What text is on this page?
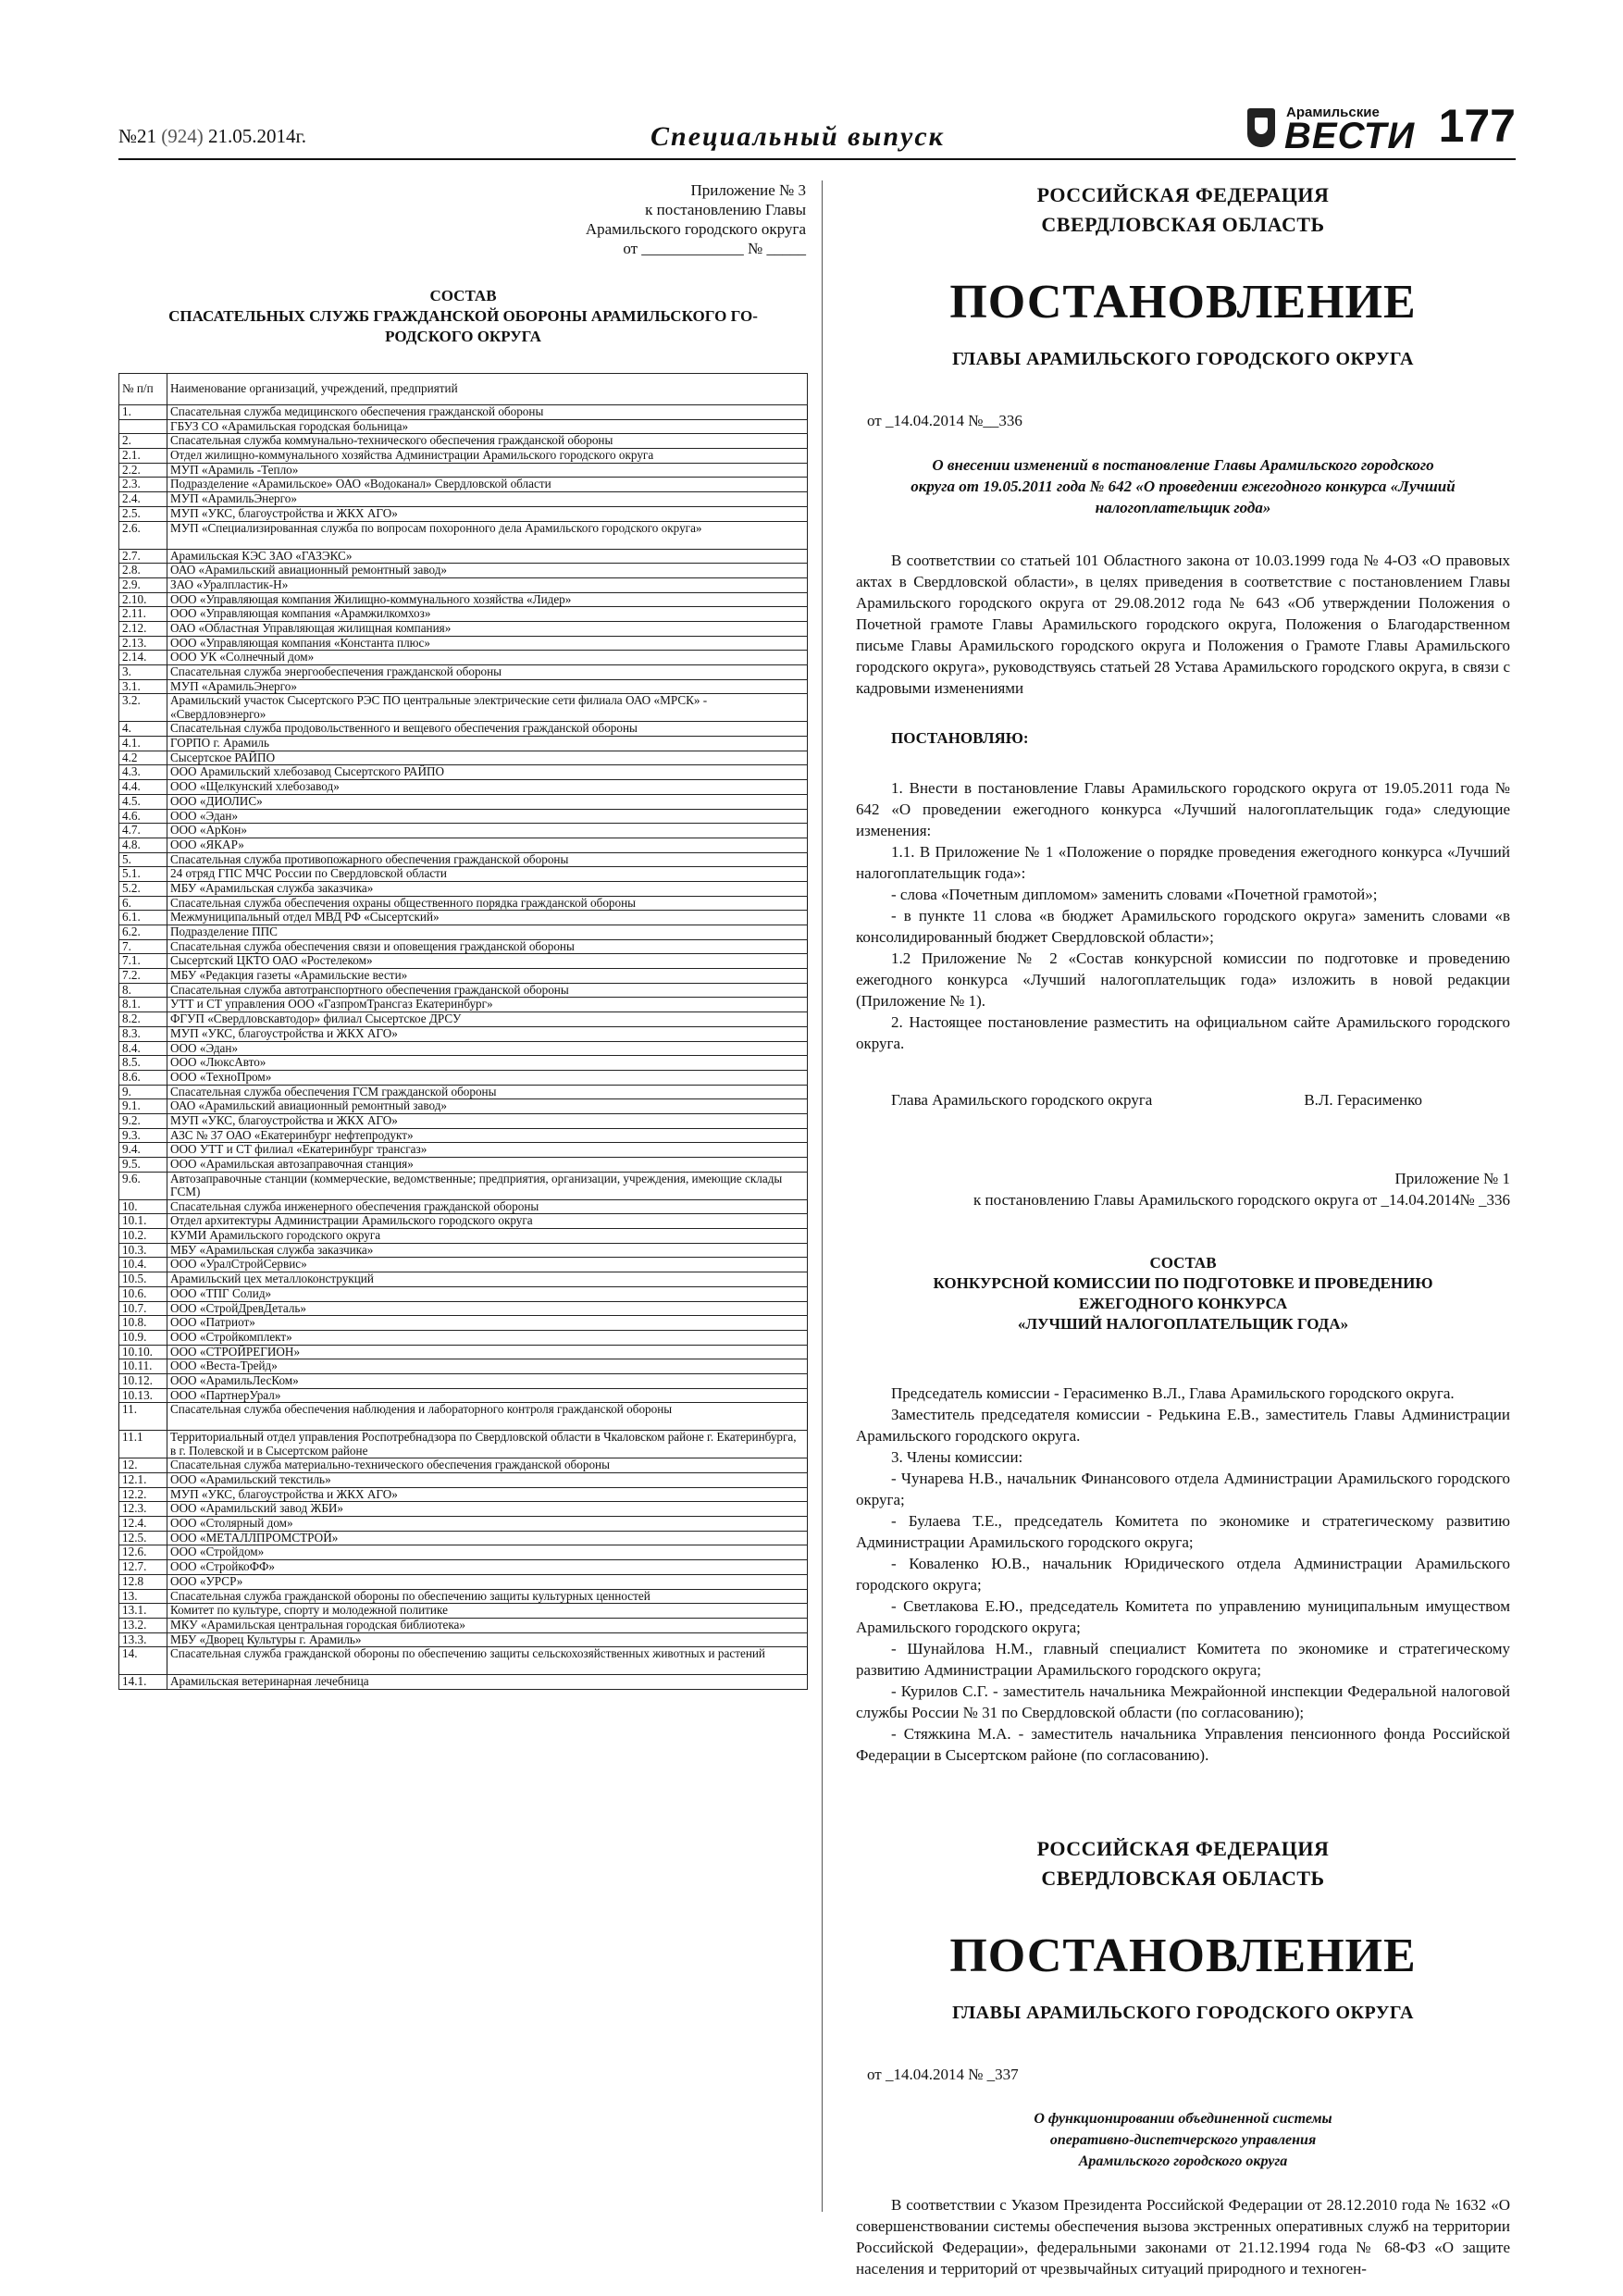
№21 (924) 21.05.2014г.	Специальный выпуск
Арамильские
ВЕСТИ 177
Приложение № 3
к постановлению Главы
Арамильского городского округа
от _____________ № _____
СОСТАВ
СПАСАТЕЛЬНЫХ СЛУЖБ ГРАЖДАНСКОЙ ОБОРОНЫ АРАМИЛЬСКОГО ГО-
РОДСКОГО ОКРУГА
№ п/п	Наименование организаций, учреждений, предприятий
1.	Спасательная служба медицинского обеспечения гражданской обороны
	ГБУЗ СО «Арамильская городская больница»
2.	Спасательная служба коммунально-технического обеспечения гражданской обороны
2.1.	Отдел жилищно-коммунального хозяйства Администрации Арамильского городского округа
2.2.	МУП «Арамиль -Тепло»
2.3.	Подразделение «Арамильское» ОАО «Водоканал» Свердловской области
2.4.	МУП «АрамильЭнерго»
2.5.	МУП «УКС, благоустройства и ЖКХ АГО»
2.6.	МУП «Специализированная служба по вопросам похоронного дела Арамильского городского округа»
2.7.	Арамильская КЭС ЗАО «ГАЗЭКС»
2.8.	ОАО «Арамильский авиационный ремонтный завод»
2.9.	ЗАО «Уралпластик-Н»
2.10.	ООО «Управляющая компания Жилищно-коммунального хозяйства «Лидер»
2.11.	ООО «Управляющая компания «Арамжилкомхоз»
2.12.	ОАО «Областная Управляющая жилищная компания»
2.13.	ООО «Управляющая компания «Константа плюс»
2.14.	ООО УК «Солнечный дом»
3.	Спасательная служба энергообеспечения гражданской обороны
3.1.	МУП «АрамильЭнерго»
3.2.	Арамильский участок Сысертского РЭС ПО центральные электрические сети филиала ОАО «МРСК» - «Свердловэнерго»
4.	Спасательная служба продовольственного и вещевого обеспечения гражданской обороны
4.1.	ГОРПО г. Арамиль
4.2	Сысертское РАЙПО
4.3.	ООО Арамильский хлебозавод Сысертского РАЙПО
4.4.	ООО «Щелкунский хлебозавод»
4.5.	ООО «ДИОЛИС»
4.6.	ООО «Эдан»
4.7.	ООО «АрКон»
4.8.	ООО «ЯКАР»
5.	Спасательная служба противопожарного обеспечения гражданской обороны
5.1.	24 отряд ГПС МЧС России по Свердловской области
5.2.	МБУ «Арамильская служба заказчика»
6.	Спасательная служба обеспечения охраны общественного порядка гражданской обороны
6.1.	Межмуниципальный отдел МВД РФ «Сысертский»
6.2.	Подразделение ППС
7.	Спасательная служба обеспечения связи и оповещения гражданской обороны
7.1.	Сысертский ЦКТО ОАО «Ростелеком»
7.2.	МБУ «Редакция газеты «Арамильские вести»
8.	Спасательная служба автотранспортного обеспечения гражданской обороны
8.1.	УТТ и СТ управления ООО «ГазпромТрансгаз Екатеринбург»
8.2.	ФГУП «Свердловскавтодор» филиал Сысертское ДРСУ
8.3.	МУП «УКС, благоустройства и ЖКХ АГО»
8.4.	ООО «Эдан»
8.5.	ООО «ЛюксАвто»
8.6.	ООО «ТехноПром»
9.	Спасательная служба обеспечения ГСМ гражданской обороны
9.1.	ОАО «Арамильский авиационный ремонтный завод»
9.2.	МУП «УКС, благоустройства и ЖКХ АГО»
9.3.	АЗС № 37 ОАО «Екатеринбург нефтепродукт»
9.4.	ООО УТТ и СТ филиал «Екатеринбург трансгаз»
9.5.	ООО «Арамильская автозаправочная станция»
9.6.	Автозаправочные станции (коммерческие, ведомственные; предприятия, организации, учреждения, имеющие склады ГСМ)
10.	Спасательная служба инженерного обеспечения гражданской обороны
10.1.	Отдел архитектуры Администрации Арамильского городского округа
10.2.	КУМИ Арамильского городского округа
10.3.	МБУ «Арамильская служба заказчика»
10.4.	ООО «УралСтройСервис»
10.5.	Арамильский цех металлоконструкций
10.6.	ООО «ТПГ Солид»
10.7.	ООО «СтройДревДеталь»
10.8.	ООО «Патриот»
10.9.	ООО «Стройкомплект»
10.10.	ООО «СТРОЙРЕГИОН»
10.11.	ООО «Веста-Трейд»
10.12.	ООО «АрамильЛесКом»
10.13.	ООО «ПартнерУрал»
11.	Спасательная служба обеспечения наблюдения и лабораторного контроля гражданской обороны
11.1	Территориальный отдел управления Роспотребнадзора по Свердловской области в Чкаловском районе г. Екатеринбурга, в г. Полевской и в Сысертском районе
12.	Спасательная служба материально-технического обеспечения гражданской обороны
12.1.	ООО «Арамильский текстиль»
12.2.	МУП «УКС, благоустройства и ЖКХ АГО»
12.3.	ООО «Арамильский завод ЖБИ»
12.4.	ООО «Столярный дом»
12.5.	ООО «МЕТАЛЛПРОМСТРОЙ»
12.6.	ООО «Стройдом»
12.7.	ООО «СтройкоФФ»
12.8	ООО «УРСР»
13.	Спасательная служба гражданской обороны по обеспечению защиты культурных ценностей
13.1.	Комитет по культуре, спорту и молодежной политике
13.2.	МКУ «Арамильская центральная городская библиотека»
13.3.	МБУ «Дворец Культуры г. Арамиль»
14.	Спасательная служба гражданской обороны по обеспечению защиты сельскохозяйственных животных и растений
14.1.	Арамильская ветеринарная лечебница
РОССИЙСКАЯ ФЕДЕРАЦИЯ
СВЕРДЛОВСКАЯ ОБЛАСТЬ
ПОСТАНОВЛЕНИЕ
ГЛАВЫ АРАМИЛЬСКОГО ГОРОДСКОГО ОКРУГА
от _14.04.2014 №__336
О внесении изменений в постановление Главы Арамильского городского
округа от 19.05.2011 года № 642 «О проведении ежегодного конкурса «Лучший
налогоплательщик года»

В соответствии со статьей 101 Областного закона от 10.03.1999 года № 4-ОЗ «О правовых актах в Свердловской области», в целях приведения в соответствие с постановлением Главы Арамильского городского округа от 29.08.2012 года № 643 «Об утверждении Положения о Почетной грамоте Главы Арамильского городского округа, Положения о Благодарственном письме Главы Арамильского городского округа и Положения о Грамоте Главы Арамильского городского округа», руководствуясь статьей 28 Устава Арамильского городского округа, в связи с кадровыми изменениями

ПОСТАНОВЛЯЮ:

1. Внести в постановление Главы Арамильского городского округа от 19.05.2011 года № 642 «О проведении ежегодного конкурса «Лучший налогоплательщик года» следующие изменения:

1.1. В Приложение № 1 «Положение о порядке проведения ежегодного конкурса «Лучший налогоплательщик года»:

- слова «Почетным дипломом» заменить словами «Почетной грамотой»;

- в пункте 11 слова «в бюджет Арамильского городского округа» заменить словами «в консолидированный бюджет Свердловской области»;

1.2 Приложение № 2 «Состав конкурсной комиссии по подготовке и проведению ежегодного конкурса «Лучший налогоплательщик года» изложить в новой редакции (Приложение № 1).

2. Настоящее постановление разместить на официальном сайте Арамильского городского округа.

Глава Арамильского городского округа	В.Л. Герасименко
Приложение № 1
к постановлению Главы Арамильского городского округа от _14.04.2014№ _336
СОСТАВ
КОНКУРСНОЙ КОМИССИИ ПО ПОДГОТОВКЕ И ПРОВЕДЕНИЮ
ЕЖЕГОДНОГО КОНКУРСА
«ЛУЧШИЙ НАЛОГОПЛАТЕЛЬЩИК ГОДА»

Председатель комиссии - Герасименко В.Л., Глава Арамильского городского округа.

Заместитель председателя комиссии - Редькина Е.В., заместитель Главы Администрации Арамильского городского округа.

3. Члены комиссии:

- Чунарева Н.В., начальник Финансового отдела Администрации Арамильского городского округа;

- Булаева Т.Е., председатель Комитета по экономике и стратегическому развитию Администрации Арамильского городского округа;

- Коваленко Ю.В., начальник Юридического отдела Администрации Арамильского городского округа;

- Светлакова Е.Ю., председатель Комитета по управлению муниципальным имуществом Арамильского городского округа;

- Шунайлова Н.М., главный специалист Комитета по экономике и стратегическому развитию Администрации Арамильского городского округа;

- Курилов С.Г. - заместитель начальника Межрайонной инспекции Федеральной налоговой службы России № 31 по Свердловской области (по согласованию);

- Стяжкина М.А. - заместитель начальника Управления пенсионного фонда Российской Федерации в Сысертском районе (по согласованию).

РОССИЙСКАЯ ФЕДЕРАЦИЯ
СВЕРДЛОВСКАЯ ОБЛАСТЬ
ПОСТАНОВЛЕНИЕ
ГЛАВЫ АРАМИЛЬСКОГО ГОРОДСКОГО ОКРУГА
от _14.04.2014 № _337
О функционировании объединенной системы
оперативно-диспетчерского управления
Арамильского городского округа

В соответствии с Указом Президента Российской Федерации от 28.12.2010 года № 1632 «О совершенствовании системы обеспечения вызова экстренных оперативных служб на территории Российской Федерации», федеральными законами от 21.12.1994 года № 68-ФЗ «О защите населения и территорий от чрезвычайных ситуаций природного и техноген-
